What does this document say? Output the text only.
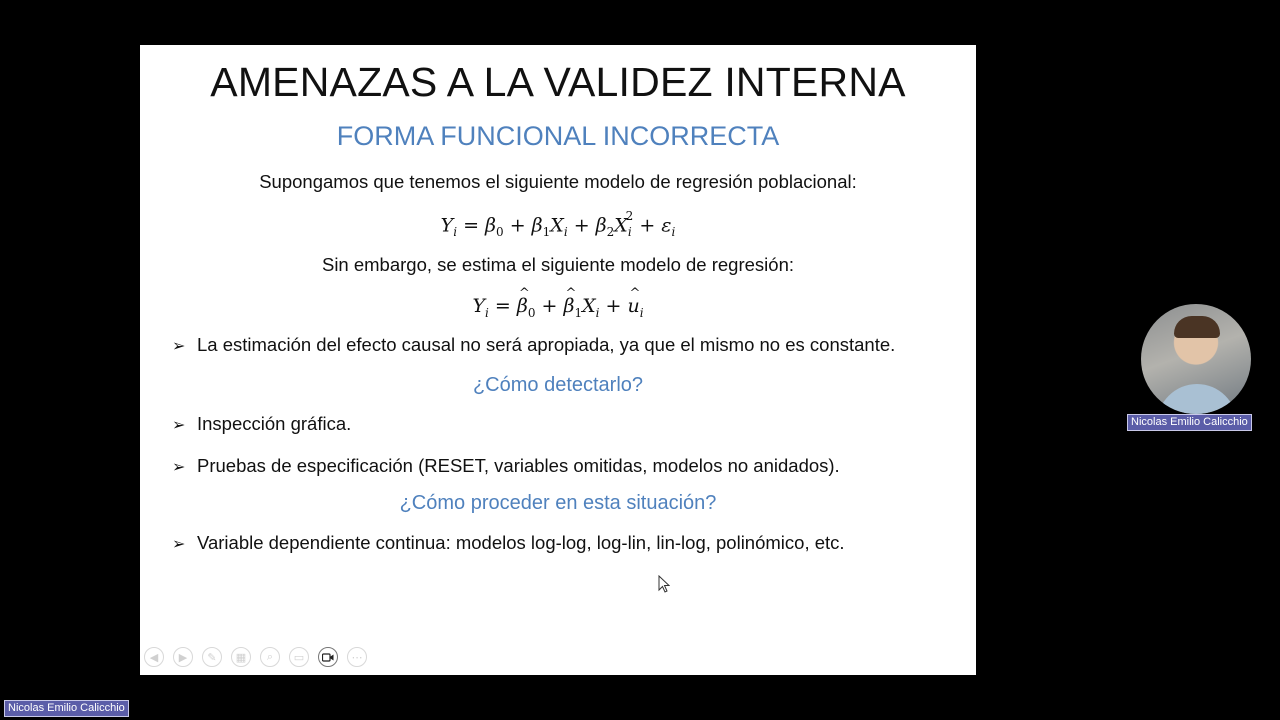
AMENAZAS A LA VALIDEZ INTERNA
FORMA FUNCIONAL INCORRECTA
Supongamos que tenemos el siguiente modelo de regresión poblacional:
$Y_i = \beta_0 + \beta_1X_i + \beta_2X_i^2 + \varepsilon_i$
Sin embargo, se estima el siguiente modelo de regresión:
$Y_i = \beta$ $\^{}_0 + \beta$ $\^{}_1X_i + u$ $\^{}_i$
➢ La estimación del efecto causal no será apropiada, ya que el mismo no es constante.
¿Cómo detectarlo?
➢ Inspección gráfica.
➢ Pruebas de especificación (RESET, variables omitidas, modelos no anidados).
¿Cómo proceder en esta situación?
➢ Variable dependiente continua: modelos log-log, log-lin, lin-log, polinómico, etc.
◀	▶	✎	▦	⌕	▭	⋯
Nicolas Emilio Calicchio
Nicolas Emilio Calicchio
